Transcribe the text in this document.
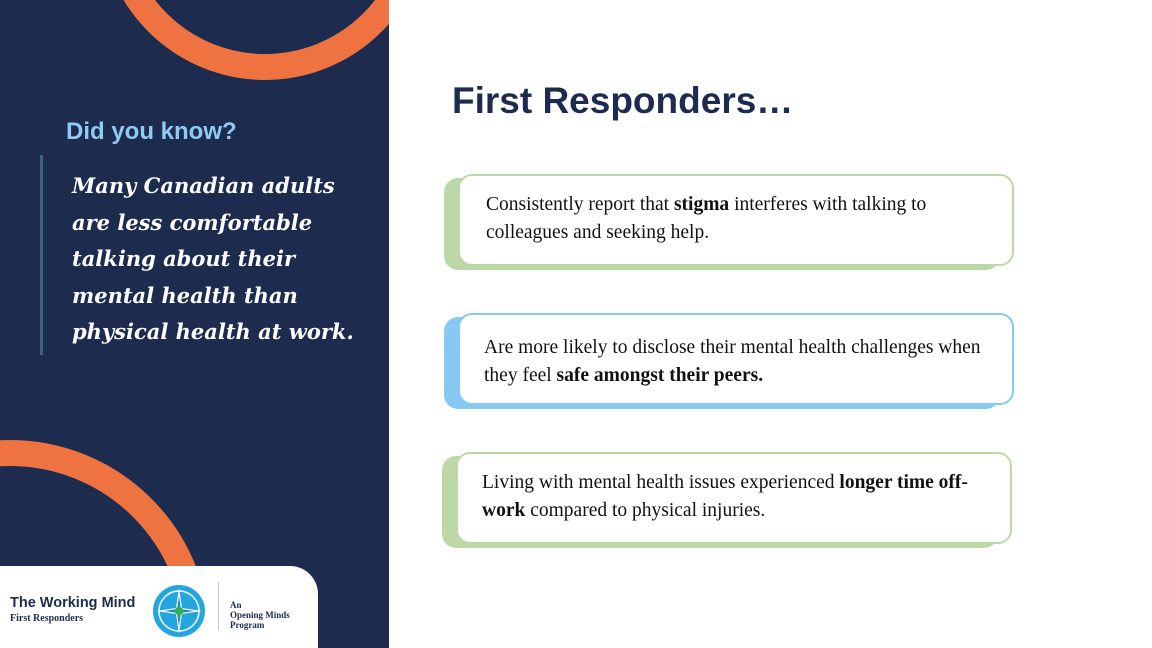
Did you know?

Many Canadian adults are less comfortable talking about their mental health than physical health at work.

The Working Mind
First Responders
An
Opening Minds
Program
First Responders…

Consistently report that stigma interferes with talking to colleagues and seeking help.

Are more likely to disclose their mental health challenges when they feel safe amongst their peers.

Living with mental health issues experienced longer time off-work compared to physical injuries.
